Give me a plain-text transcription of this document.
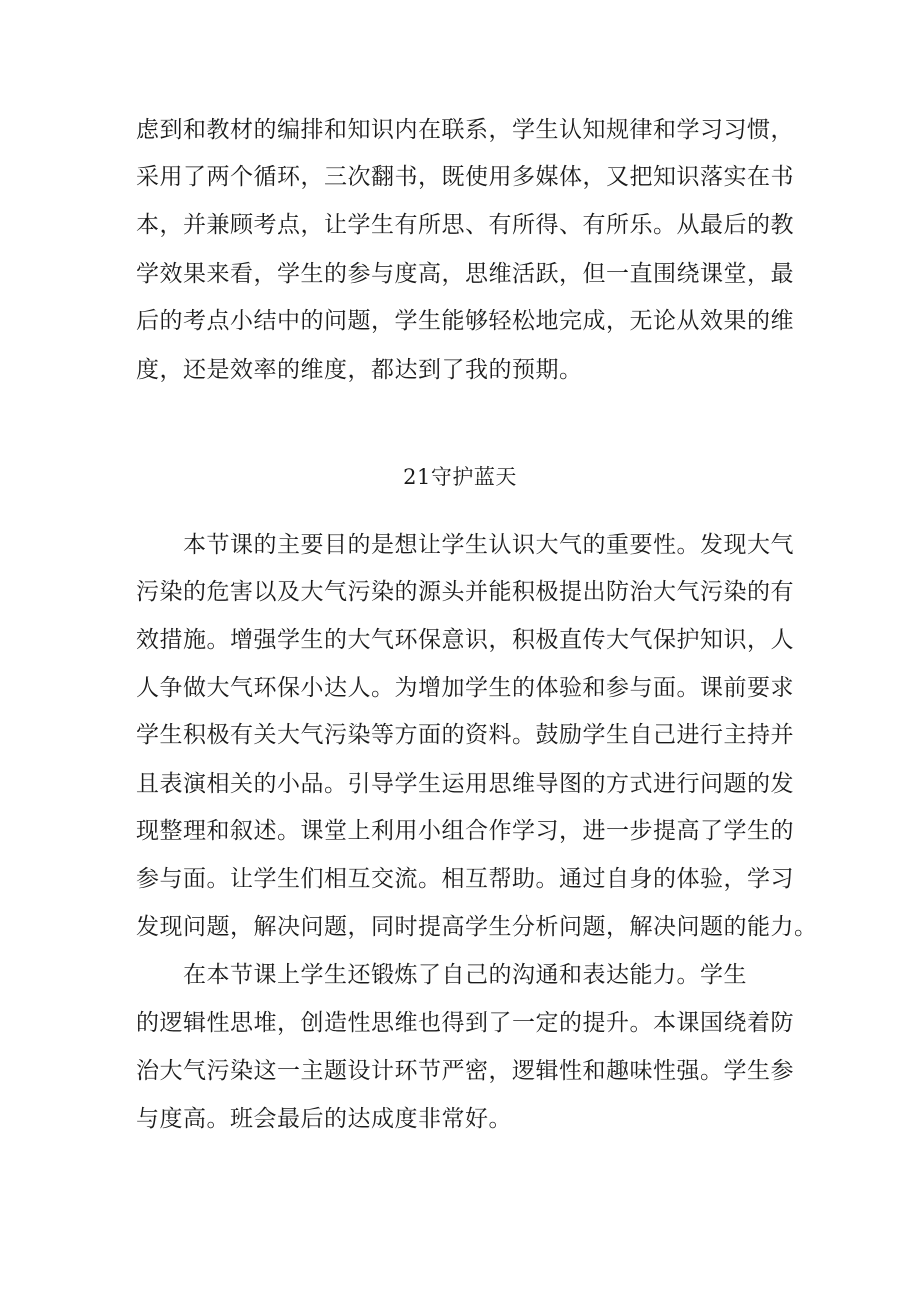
虑到和教材的编排和知识内在联系，学生认知规律和学习习惯，
采用了两个循环，三次翻书，既使用多媒体，又把知识落实在书
本，并兼顾考点，让学生有所思、有所得、有所乐。从最后的教
学效果来看，学生的参与度高，思维活跃，但一直围绕课堂，最
后的考点小结中的问题，学生能够轻松地完成，无论从效果的维
度，还是效率的维度，都达到了我的预期。
21守护蓝天
本节课的主要目的是想让学生认识大气的重要性。发现大气
污染的危害以及大气污染的源头并能积极提出防治大气污染的有
效措施。增强学生的大气环保意识，积极直传大气保护知识，人
人争做大气环保小达人。为增加学生的体验和参与面。课前要求
学生积极有关大气污染等方面的资料。鼓励学生自己进行主持并
且表演相关的小品。引导学生运用思维导图的方式进行问题的发
现整理和叙述。课堂上利用小组合作学习，进一步提高了学生的
参与面。让学生们相互交流。相互帮助。通过自身的体验，学习
发现问题，解决问题，同时提高学生分析问题，解决问题的能力。
在本节课上学生还锻炼了自己的沟通和表达能力。学生
的逻辑性思堆，创造性思维也得到了一定的提升。本课国绕着防
治大气污染这一主题设计环节严密，逻辑性和趣味性强。学生参
与度高。班会最后的达成度非常好。
